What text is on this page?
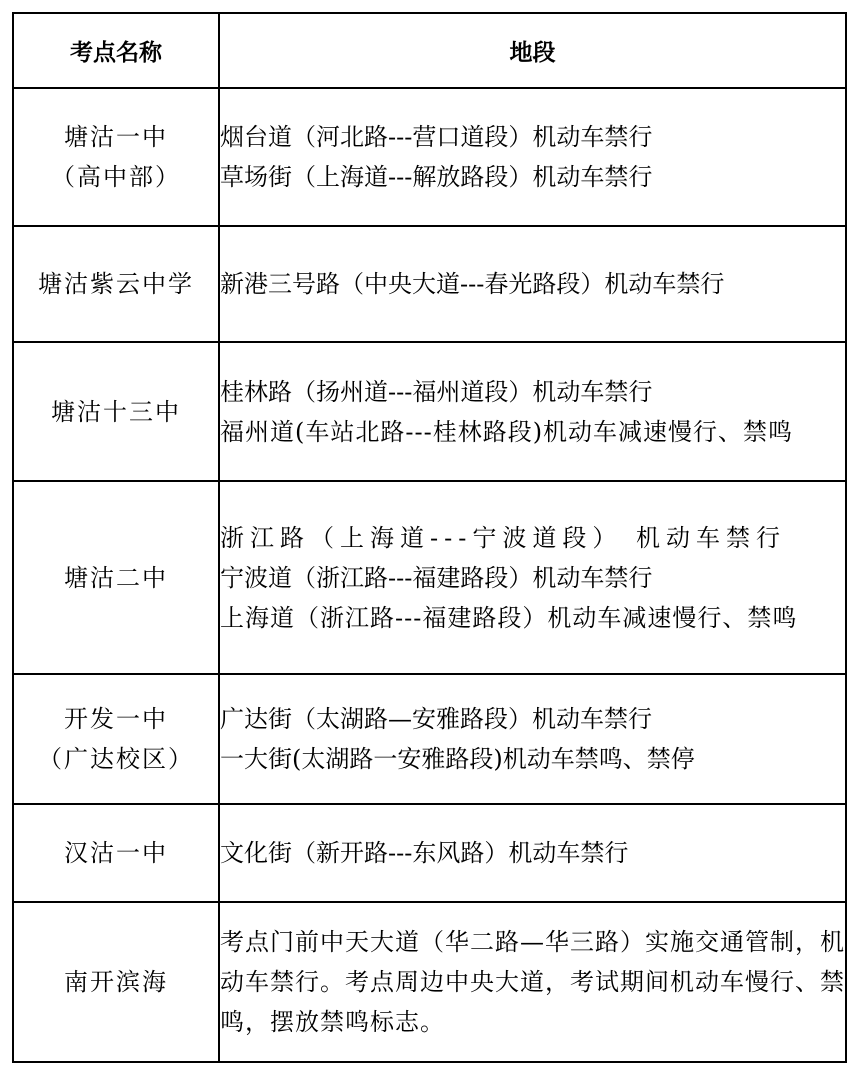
考点名称	地段

塘沽一中
（高中部）	烟台道（河北路---营口道段）机动车禁行
草场街（上海道---解放路段）机动车禁行

塘沽紫云中学	新港三号路（中央大道---春光路段）机动车禁行

塘沽十三中	桂林路（扬州道---福州道段）机动车禁行
福州道(车站北路---桂林路段)机动车减速慢行、禁鸣

塘沽二中	浙江路（上海道---宁波道段） 机动车禁行
宁波道（浙江路---福建路段）机动车禁行
上海道（浙江路---福建路段）机动车减速慢行、禁鸣

开发一中
（广达校区）	广达街（太湖路—安雅路段）机动车禁行
一大街(太湖路一安雅路段)机动车禁鸣、禁停

汉沽一中	文化街（新开路---东风路）机动车禁行

南开滨海	考点门前中天大道（华二路—华三路）实施交通管制，机动车禁行。考点周边中央大道，考试期间机动车慢行、禁鸣，摆放禁鸣标志。
